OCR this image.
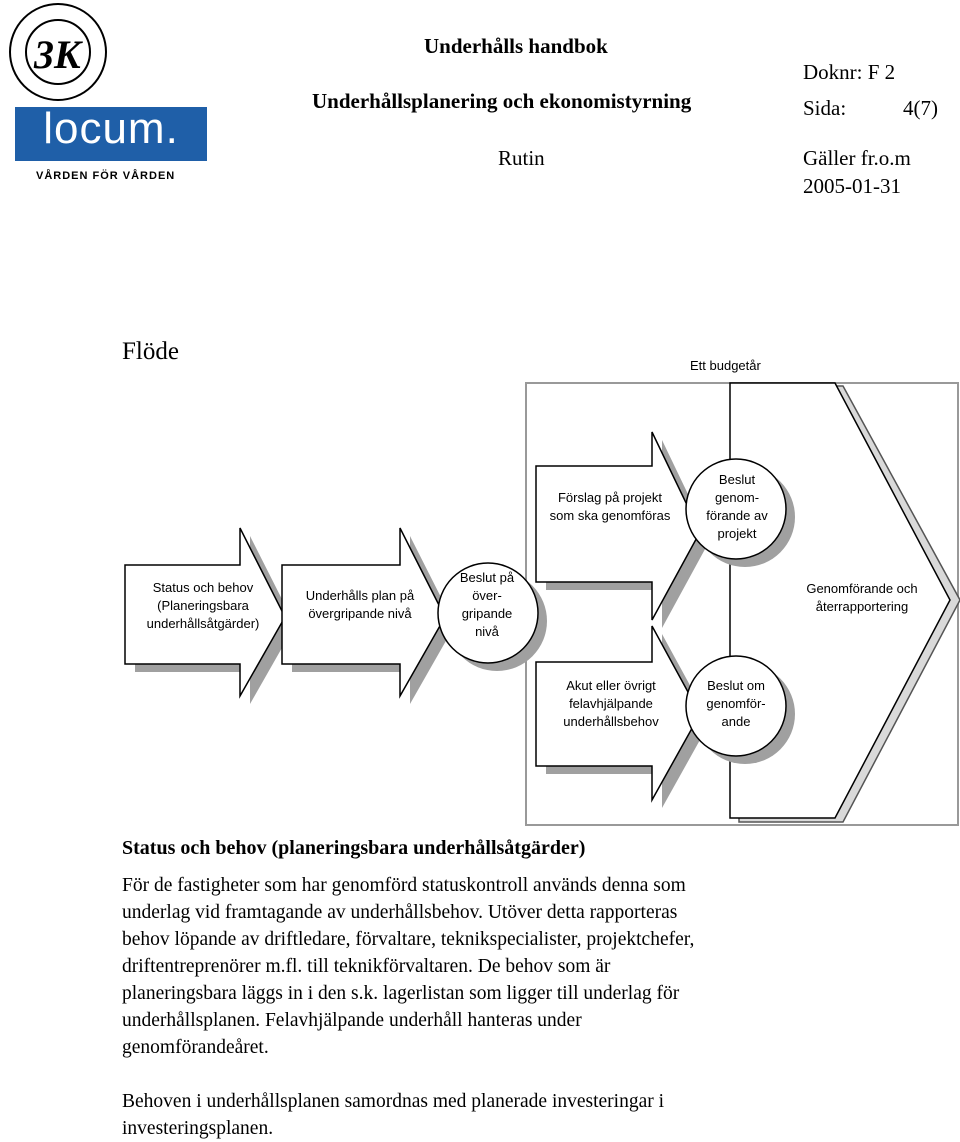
3K
locum.
VÅRDEN FÖR VÅRDEN
Underhålls handbok
Underhållsplanering och ekonomistyrning
Rutin
Doknr: F 2
Sida:	4(7)
Gäller fr.o.m
2005-01-31
Flöde
Ett budgetår
Genomförande och
återrapportering
Status och behov
(Planeringsbara
underhållsåtgärder)
Underhålls plan på
övergripande nivå
Beslut på
över-
gripande
nivå
Förslag på projekt
som ska genomföras
Beslut
genom-
förande av
projekt
Akut eller övrigt
felavhjälpande
underhållsbehov
Beslut om
genomför-
ande
Status och behov (planeringsbara underhållsåtgärder)
För de fastigheter som har genomförd statuskontroll används denna som
underlag vid framtagande av underhållsbehov. Utöver detta rapporteras
behov löpande av driftledare, förvaltare, teknikspecialister, projektchefer,
driftentreprenörer m.fl. till teknikförvaltaren. De behov som är
planeringsbara läggs in i den s.k. lagerlistan som ligger till underlag för
underhållsplanen. Felavhjälpande underhåll hanteras under
genomförandeåret.
Behoven i underhållsplanen samordnas med planerade investeringar i
investeringsplanen.
